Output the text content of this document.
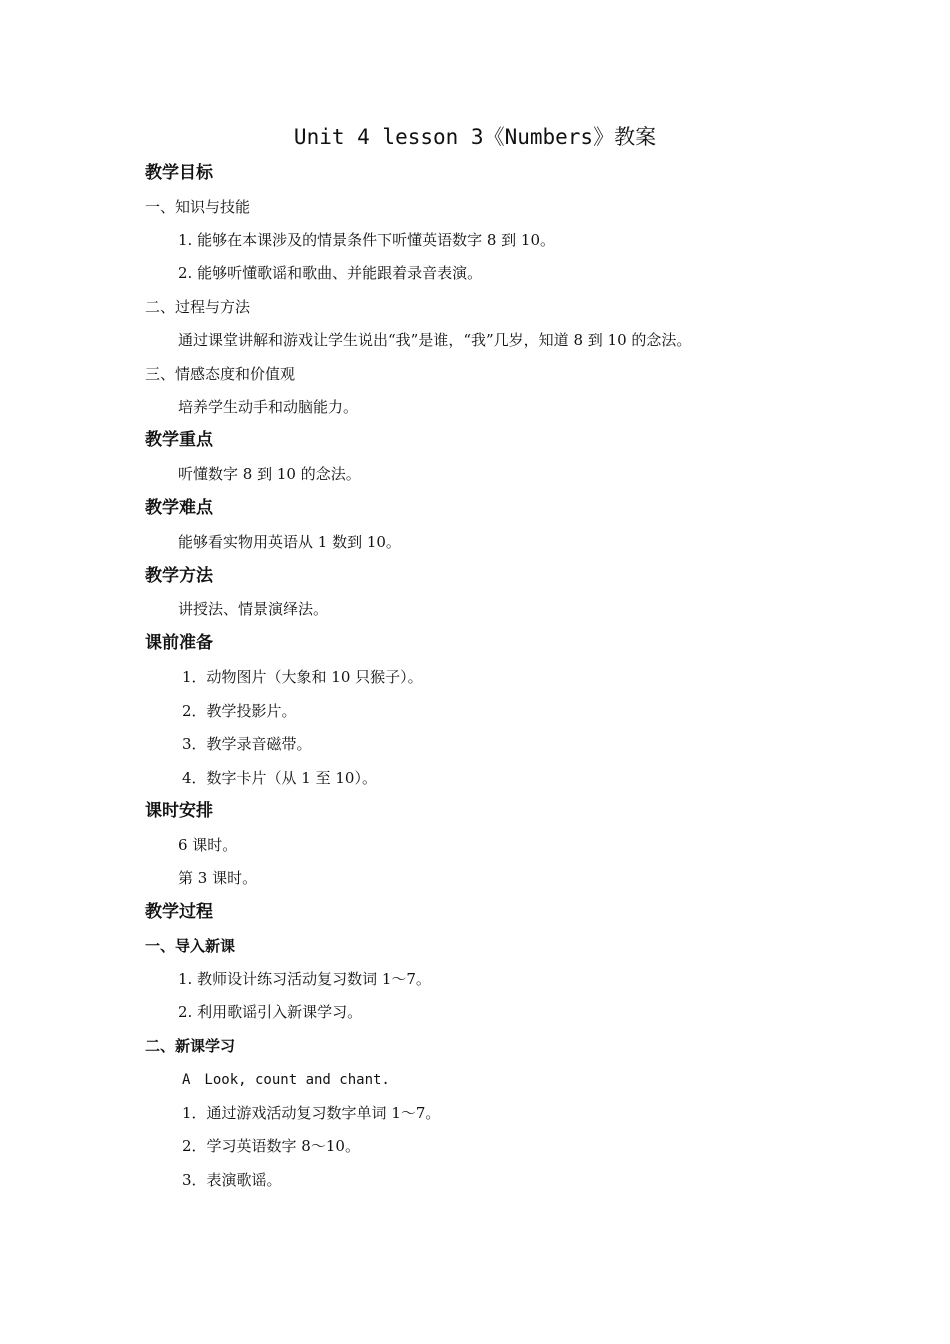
Unit 4 lesson 3《Numbers》教案
教学目标
一、知识与技能
1. 能够在本课涉及的情景条件下听懂英语数字 8 到 10。
2. 能够听懂歌谣和歌曲、并能跟着录音表演。
二、过程与方法
通过课堂讲解和游戏让学生说出“我”是谁，“我”几岁，知道 8 到 10 的念法。
三、情感态度和价值观
培养学生动手和动脑能力。
教学重点
听懂数字 8 到 10 的念法。
教学难点
能够看实物用英语从 1 数到 10。
教学方法
讲授法、情景演绎法。
课前准备
1．动物图片（大象和 10 只猴子）。
2．教学投影片。
3．教学录音磁带。
4．数字卡片（从 1 至 10）。
课时安排
6 课时。
第 3 课时。
教学过程
一、导入新课
1. 教师设计练习活动复习数词 1～7。
2. 利用歌谣引入新课学习。
二、新课学习
A　Look, count and chant.
1．通过游戏活动复习数字单词 1～7。
2．学习英语数字 8～10。
3．表演歌谣。
